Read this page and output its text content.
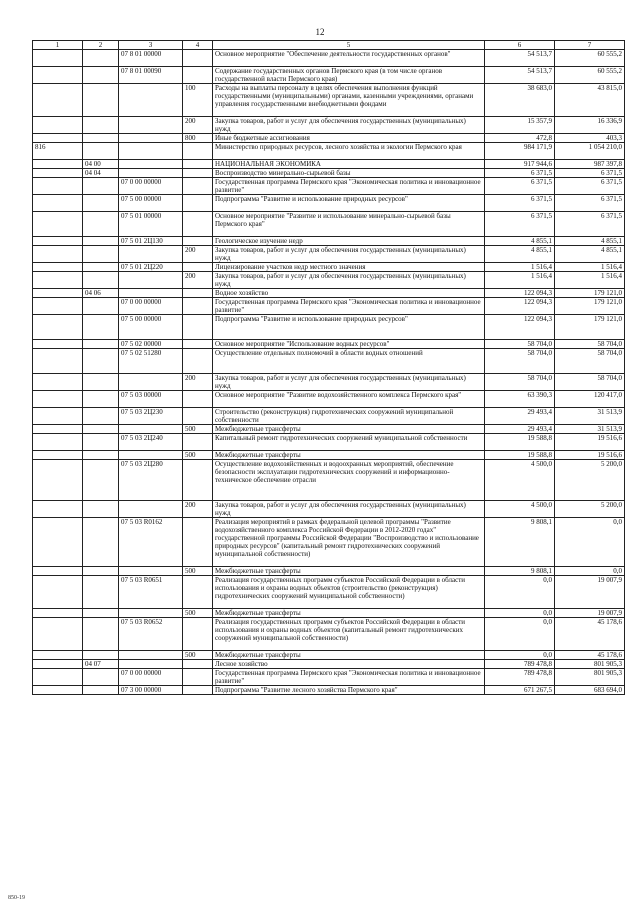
12
1	2	3	4	5	6	7
		07 8 01 00000		Основное мероприятие "Обеспечение деятельности государственных органов"	54 513,7	60 555,2
		07 8 01 00090		Содержание государственных органов Пермского края (в том числе органов государственной власти Пермского края)	54 513,7	60 555,2
			100	Расходы на выплаты персоналу в целях обеспечения выполнения функций государственными (муниципальными) органами, казенными учреждениями, органами управления государственными внебюджетными фондами	38 683,0	43 815,0
			200	Закупка товаров, работ и услуг для обеспечения государственных (муниципальных) нужд	15 357,9	16 336,9
			800	Иные бюджетные ассигнования	472,8	403,3
816				Министерство природных ресурсов, лесного хозяйства и экологии Пермского края	984 171,9	1 054 210,0
	04 00			НАЦИОНАЛЬНАЯ ЭКОНОМИКА	917 944,6	987 397,8
	04 04			Воспроизводство минерально-сырьевой базы	6 371,5	6 371,5
		07 0 00 00000		Государственная программа Пермского края "Экономическая политика и инновационное развитие"	6 371,5	6 371,5
		07 5 00 00000		Подпрограмма "Развитие и использование природных ресурсов"	6 371,5	6 371,5
		07 5 01 00000		Основное мероприятие "Развитие и использование минерально-сырьевой базы Пермского края"	6 371,5	6 371,5
		07 5 01 2Ц130		Геологическое изучение недр	4 855,1	4 855,1
			200	Закупка товаров, работ и услуг для обеспечения государственных (муниципальных) нужд	4 855,1	4 855,1
		07 5 01 2Ц220		Лицензирование участков недр местного значения	1 516,4	1 516,4
			200	Закупка товаров, работ и услуг для обеспечения государственных (муниципальных) нужд	1 516,4	1 516,4
	04 06			Водное хозяйство	122 094,3	179 121,0
		07 0 00 00000		Государственная программа Пермского края "Экономическая политика и инновационное развитие"	122 094,3	179 121,0
		07 5 00 00000		Подпрограмма "Развитие и использование природных ресурсов"	122 094,3	179 121,0
		07 5 02 00000		Основное мероприятие "Использование водных ресурсов"	58 704,0	58 704,0
		07 5 02 51280		Осуществление отдельных полномочий в области водных отношений	58 704,0	58 704,0
			200	Закупка товаров, работ и услуг для обеспечения государственных (муниципальных) нужд	58 704,0	58 704,0
		07 5 03 00000		Основное мероприятие "Развитие водохозяйственного комплекса Пермского края"	63 390,3	120 417,0
		07 5 03 2Ц230		Строительство (реконструкция) гидротехнических сооружений муниципальной собственности	29 493,4	31 513,9
			500	Межбюджетные трансферты	29 493,4	31 513,9
		07 5 03 2Ц240		Капитальный ремонт гидротехнических сооружений муниципальной собственности	19 588,8	19 516,6
			500	Межбюджетные трансферты	19 588,8	19 516,6
		07 5 03 2Ц280		Осуществление водохозяйственных и водоохранных мероприятий, обеспечение безопасности эксплуатации гидротехнических сооружений и информационно-техническое обеспечение отрасли	4 500,0	5 200,0
			200	Закупка товаров, работ и услуг для обеспечения государственных (муниципальных) нужд	4 500,0	5 200,0
		07 5 03 R0162		Реализация мероприятий в рамках федеральной целевой программы "Развитие водохозяйственного комплекса Российской Федерации в 2012-2020 годах" государственной программы Российской Федерации "Воспроизводство и использование природных ресурсов" (капитальный ремонт гидротехнических сооружений муниципальной собственности)	9 808,1	0,0
			500	Межбюджетные трансферты	9 808,1	0,0
		07 5 03 R0651		Реализация государственных программ субъектов Российской Федерации в области использования и охраны водных объектов (строительство (реконструкция) гидротехнических сооружений муниципальной собственности)	0,0	19 007,9
			500	Межбюджетные трансферты	0,0	19 007,9
		07 5 03 R0652		Реализация государственных программ субъектов Российской Федерации в области использования и охраны водных объектов (капитальный ремонт гидротехнических сооружений муниципальной собственности)	0,0	45 178,6
			500	Межбюджетные трансферты	0,0	45 178,6
	04 07			Лесное хозяйство	789 478,8	801 905,3
		07 0 00 00000		Государственная программа Пермского края "Экономическая политика и инновационное развитие"	789 478,8	801 905,3
		07 3 00 00000		Подпрограмма "Развитие лесного хозяйства Пермского края"	671 267,5	683 694,0
850-19
